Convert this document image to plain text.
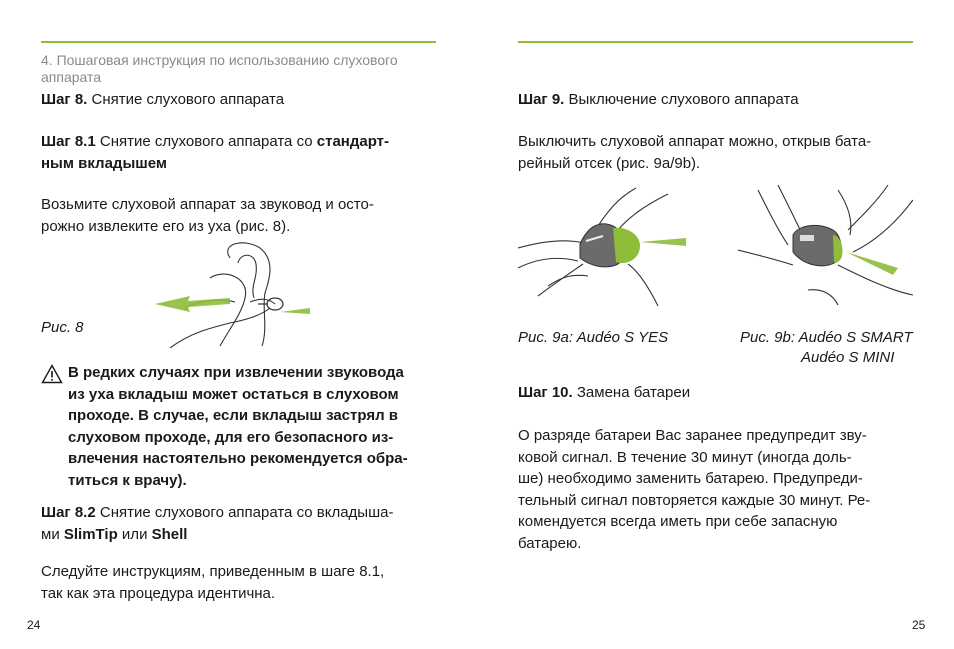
4. Пошаговая инструкция по использованию слухового аппарата

Шаг 8. Снятие слухового аппарата

Шаг 8.1 Снятие слухового аппарата со стандарт-
ным вкладышем
Возьмите слуховой аппарат за звуковод и осто-
рожно извлеките его из уха (рис. 8).
Рис. 8
В редких случаях при извлечении звуковода
из уха вкладыш может остаться в слуховом
проходе. В случае, если вкладыш застрял в
слуховом проходе, для его безопасного из-
влечения настоятельно рекомендуется обра-
титься к врачу).
Шаг 8.2 Снятие слухового аппарата со вкладыша-
ми SlimTip или Shell
Следуйте инструкциям, приведенным в шаге 8.1,
так как эта процедура идентична.
24

Шаг 9. Выключение слухового аппарата

Выключить слуховой аппарат можно, открыв бата-
рейный отсек (рис. 9a/9b).
Рис. 9a: Audéo S YES	Рис. 9b: Audéo S SMART
Audéo S MINI

Шаг 10. Замена батареи

О разряде батареи Вас заранее предупредит зву-
ковой сигнал. В течение 30 минут (иногда доль-
ше) необходимо заменить батарею. Предупреди-
тельный сигнал повторяется каждые 30 минут. Ре-
комендуется всегда иметь при себе запасную
батарею.
25
